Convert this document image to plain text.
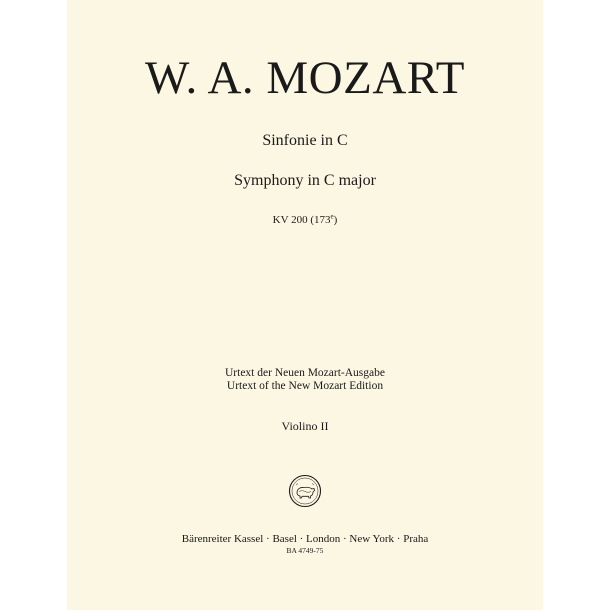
W. A. MOZART
Sinfonie in C
Symphony in C major
KV 200 (173e)
Urtext der Neuen Mozart-Ausgabe
Urtext of the New Mozart Edition
Violino II
Bärenreiter Kassel · Basel · London · New York · Praha
BA 4749-75
